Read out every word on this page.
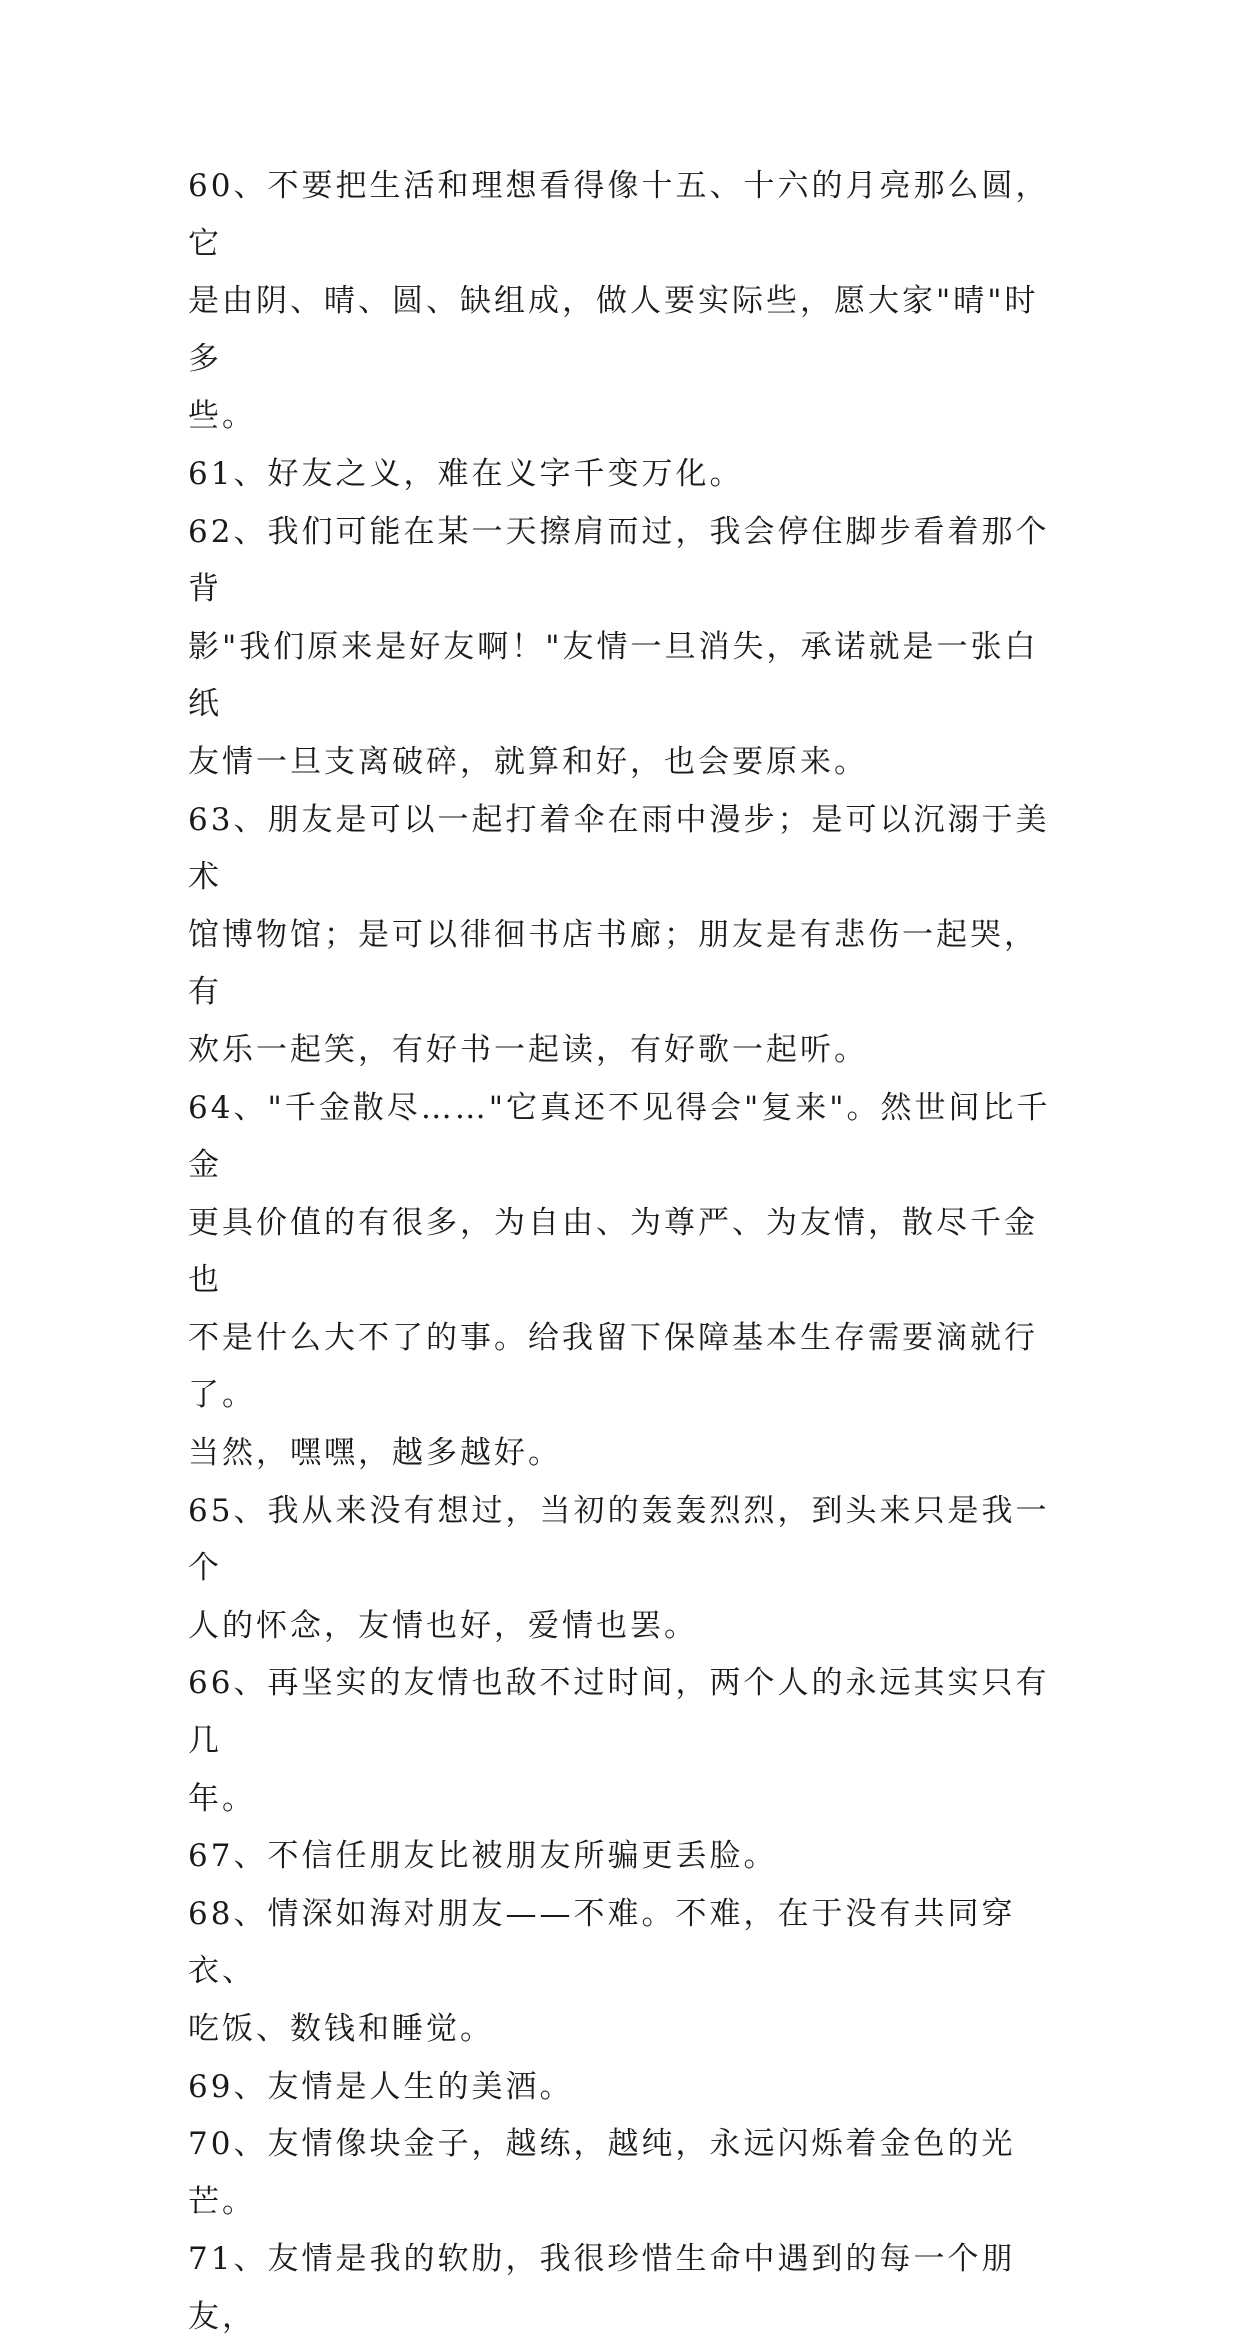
60、不要把生活和理想看得像十五、十六的月亮那么圆，它
是由阴、晴、圆、缺组成，做人要实际些，愿大家"晴"时多
些。
61、好友之义，难在义字千变万化。
62、我们可能在某一天擦肩而过，我会停住脚步看着那个背
影"我们原来是好友啊！"友情一旦消失，承诺就是一张白纸
友情一旦支离破碎，就算和好，也会要原来。
63、朋友是可以一起打着伞在雨中漫步；是可以沉溺于美术
馆博物馆；是可以徘徊书店书廊；朋友是有悲伤一起哭，有
欢乐一起笑，有好书一起读，有好歌一起听。
64、"千金散尽……"它真还不见得会"复来"。然世间比千金
更具价值的有很多，为自由、为尊严、为友情，散尽千金也
不是什么大不了的事。给我留下保障基本生存需要滴就行了。
当然，嘿嘿，越多越好。
65、我从来没有想过，当初的轰轰烈烈，到头来只是我一个
人的怀念，友情也好，爱情也罢。
66、再坚实的友情也敌不过时间，两个人的永远其实只有几
年。
67、不信任朋友比被朋友所骗更丢脸。
68、情深如海对朋友——不难。不难，在于没有共同穿衣、
吃饭、数钱和睡觉。
69、友情是人生的美酒。
70、友情像块金子，越练，越纯，永远闪烁着金色的光芒。
71、友情是我的软肋，我很珍惜生命中遇到的每一个朋友，
